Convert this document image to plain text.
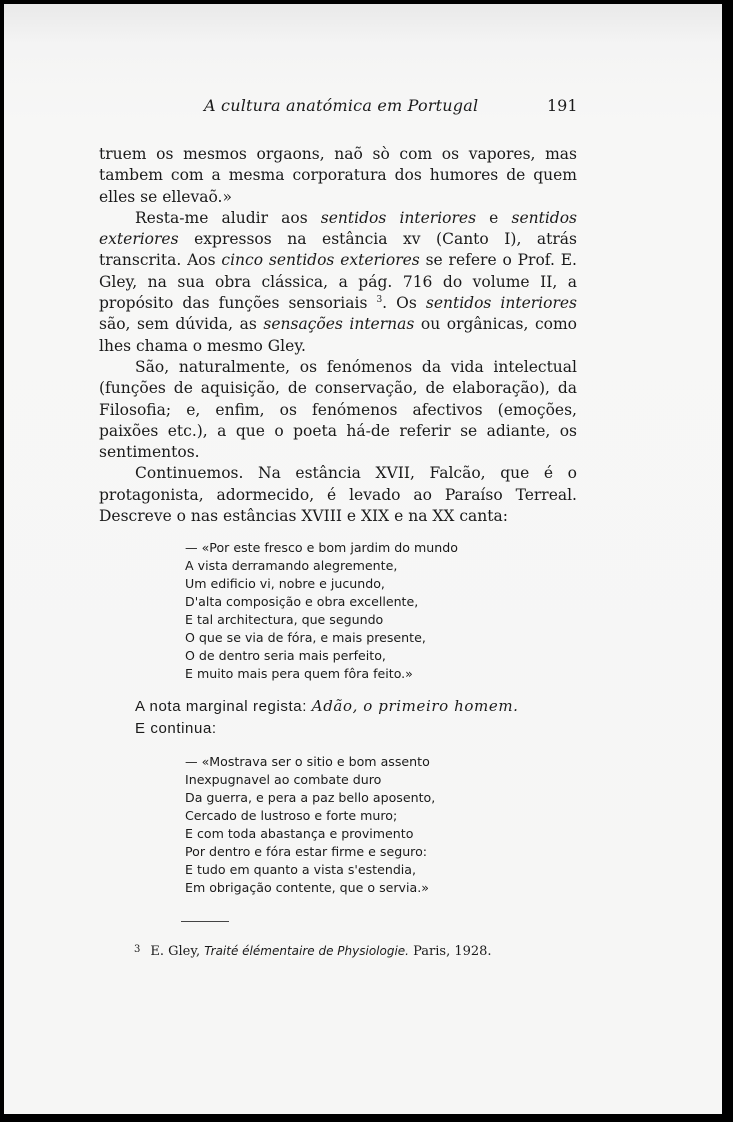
A cultura anatómica em Portugal	191

truem os mesmos orgaons, naõ sò com os vapores, mas tambem com a mesma corporatura dos humores de quem elles se ellevaõ.»

Resta-me aludir aos sentidos interiores e sentidos exteriores expressos na estância xv (Canto I), atrás transcrita. Aos cinco sentidos exteriores se refere o Prof. E. Gley, na sua obra clássica, a pág. 716 do volume II, a propósito das funções sensoriais $^3$. Os sentidos interiores são, sem dúvida, as sensações internas ou orgânicas, como lhes chama o mesmo Gley.

São, naturalmente, os fenómenos da vida intelectual (funções de aquisição, de conservação, de elaboração), da Filosofia; e, enfim, os fenómenos afectivos (emoções, paixões etc.), a que o poeta há-de referir se adiante, os sentimentos.

Continuemos. Na estância XVII, Falcão, que é o protagonista, adormecido, é levado ao Paraíso Terreal. Descreve o nas estâncias XVIII e XIX e na XX canta:

— «Por este fresco e bom jardim do mundo
A vista derramando alegremente,
Um edificio vi, nobre e jucundo,
D'alta composição e obra excellente,
E tal architectura, que segundo
O que se via de fóra, e mais presente,
O de dentro seria mais perfeito,
E muito mais pera quem fôra feito.»

A nota marginal regista: Adão, o primeiro homem.

E continua:

— «Mostrava ser o sitio e bom assento
Inexpugnavel ao combate duro
Da guerra, e pera a paz bello aposento,
Cercado de lustroso e forte muro;
E com toda abastança e provimento
Por dentro e fóra estar firme e seguro:
E tudo em quanto a vista s'estendia,
Em obrigação contente, que o servia.»
$^3$ E. Gley, Traité élémentaire de Physiologie. Paris, 1928.
